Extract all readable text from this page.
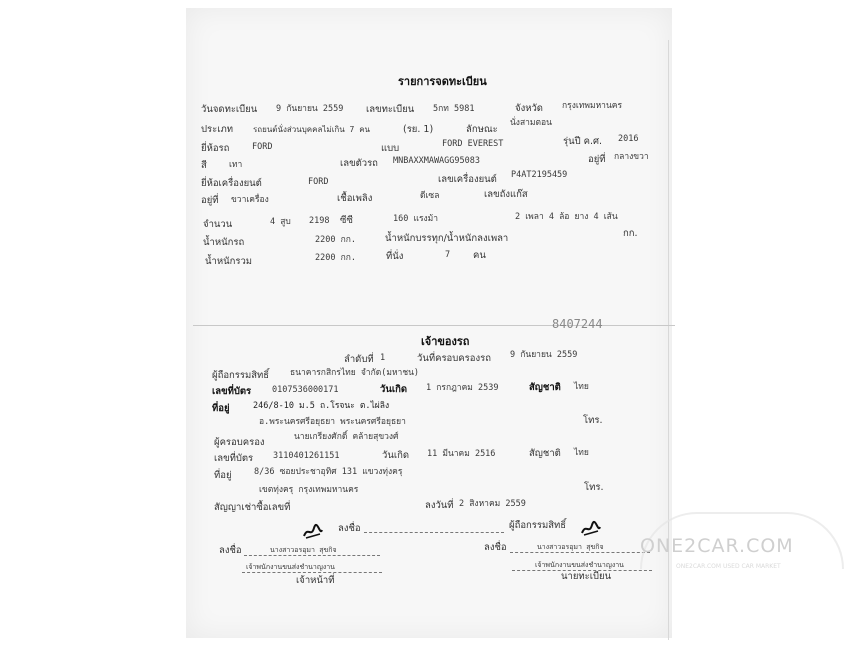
รายการจดทะเบียน
วันจดทะเบียน 9 กันยายน 2559 เลขทะเบียน 5กท 5981	จังหวัด กรุงเทพมหานคร
ประเภท รถยนต์นั่งส่วนบุคคลไม่เกิน 7 คน	(รย. 1)	ลักษณะ
นั่งสามตอน
ยี่ห้อรถ	FORD	แบบ	FORD EVEREST	รุ่นปี ค.ศ. 2016
สี	เทา	เลขตัวรถ MNBAXXMAWAGG95083	อยู่ที่ กลางขวา
ยี่ห้อเครื่องยนต์	FORD	เลขเครื่องยนต์ P4AT2195459
อยู่ที่ ขวาเครื่อง	เชื้อเพลิง	ดีเซล	เลขถังแก๊ส
จำนวน	4 สูบ 2198 ซีซี	160 แรงม้า	2 เพลา 4 ล้อ ยาง 4 เส้น
น้ำหนักรถ	2200 กก.	น้ำหนักบรรทุก/น้ำหนักลงเพลา	กก.
น้ำหนักรวม	2200 กก.	ที่นั่ง	7 คน
8407244
เจ้าของรถ
ลำดับที่ 1	วันที่ครอบครองรถ 9 กันยายน 2559
ผู้ถือกรรมสิทธิ์ ธนาคารกสิกรไทย จำกัด(มหาชน)
เลขที่บัตร 0107536000171	วันเกิด 1 กรกฎาคม 2539	สัญชาติ ไทย
ที่อยู่	246/8-10 ม.5 ถ.โรจนะ ต.ไผ่ลิง
อ.พระนครศรีอยุธยา พระนครศรีอยุธยา	โทร.
ผู้ครอบครอง	นายเกรียงศักดิ์ คล้ายสุขวงศ์
เลขที่บัตร 3110401261151	วันเกิด 11 มีนาคม 2516	สัญชาติ ไทย
ที่อยู่	8/36 ซอยประชาอุทิศ 131 แขวงทุ่งครุ
เขตทุ่งครุ กรุงเทพมหานคร	โทร.
สัญญาเช่าซื้อเลขที่	ลงวันที่ 2 สิงหาคม 2559
ลงชื่อ	ผู้ถือกรรมสิทธิ์
ลงชื่อ	นางสาวอรอุมา สุขกิจ
เจ้าพนักงานขนส่งชำนาญงาน
เจ้าหน้าที่
ลงชื่อ	นางสาวอรอุมา สุขกิจ
เจ้าพนักงานขนส่งชำนาญงาน
นายทะเบียน
ONE2CAR.COM
ONE2CAR.COM USED CAR MARKET
